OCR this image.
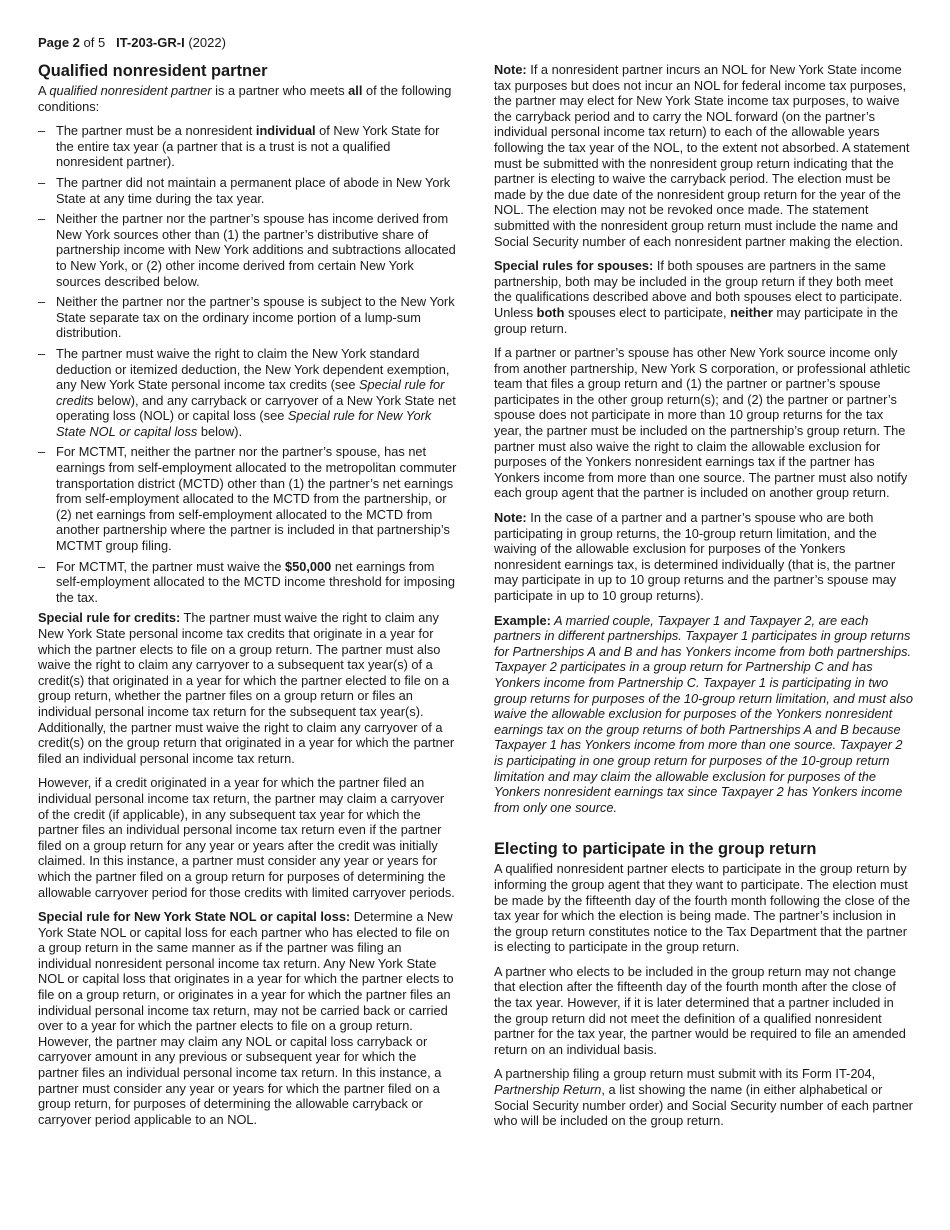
Page 2 of 5 IT-203-GR-I (2022)
Qualified nonresident partner

A qualified nonresident partner is a partner who meets all of the following conditions:

– The partner must be a nonresident individual of New York State for the entire tax year (a partner that is a trust is not a qualified nonresident partner).
– The partner did not maintain a permanent place of abode in New York State at any time during the tax year.
– Neither the partner nor the partner’s spouse has income derived from New York sources other than (1) the partner’s distributive share of partnership income with New York additions and subtractions allocated to New York, or (2) other income derived from certain New York sources described below.
– Neither the partner nor the partner’s spouse is subject to the New York State separate tax on the ordinary income portion of a lump-sum distribution.
– The partner must waive the right to claim the New York standard deduction or itemized deduction, the New York dependent exemption, any New York State personal income tax credits (see Special rule for credits below), and any carryback or carryover of a New York State net operating loss (NOL) or capital loss (see Special rule for New York State NOL or capital loss below).
– For MCTMT, neither the partner nor the partner’s spouse, has net earnings from self-employment allocated to the metropolitan commuter transportation district (MCTD) other than (1) the partner’s net earnings from self-employment allocated to the MCTD from the partnership, or (2) net earnings from self-employment allocated to the MCTD from another partnership where the partner is included in that partnership’s MCTMT group filing.
– For MCTMT, the partner must waive the $50,000 net earnings from self-employment allocated to the MCTD income threshold for imposing the tax.

Special rule for credits: The partner must waive the right to claim any New York State personal income tax credits that originate in a year for which the partner elects to file on a group return. The partner must also waive the right to claim any carryover to a subsequent tax year(s) of a credit(s) that originated in a year for which the partner elected to file on a group return, whether the partner files on a group return or files an individual personal income tax return for the subsequent tax year(s). Additionally, the partner must waive the right to claim any carryover of a credit(s) on the group return that originated in a year for which the partner filed an individual personal income tax return.

However, if a credit originated in a year for which the partner filed an individual personal income tax return, the partner may claim a carryover of the credit (if applicable), in any subsequent tax year for which the partner files an individual personal income tax return even if the partner filed on a group return for any year or years after the credit was initially claimed. In this instance, a partner must consider any year or years for which the partner filed on a group return for purposes of determining the allowable carryover period for those credits with limited carryover periods.

Special rule for New York State NOL or capital loss: Determine a New York State NOL or capital loss for each partner who has elected to file on a group return in the same manner as if the partner was filing an individual nonresident personal income tax return. Any New York State NOL or capital loss that originates in a year for which the partner elects to file on a group return, or originates in a year for which the partner files an individual personal income tax return, may not be carried back or carried over to a year for which the partner elects to file on a group return. However, the partner may claim any NOL or capital loss carryback or carryover amount in any previous or subsequent year for which the partner files an individual personal income tax return. In this instance, a partner must consider any year or years for which the partner filed on a group return, for purposes of determining the allowable carryback or carryover period applicable to an NOL.

Note: If a nonresident partner incurs an NOL for New York State income tax purposes but does not incur an NOL for federal income tax purposes, the partner may elect for New York State income tax purposes, to waive the carryback period and to carry the NOL forward (on the partner’s individual personal income tax return) to each of the allowable years following the tax year of the NOL, to the extent not absorbed. A statement must be submitted with the nonresident group return indicating that the partner is electing to waive the carryback period. The election must be made by the due date of the nonresident group return for the year of the NOL. The election may not be revoked once made. The statement submitted with the nonresident group return must include the name and Social Security number of each nonresident partner making the election.

Special rules for spouses: If both spouses are partners in the same partnership, both may be included in the group return if they both meet the qualifications described above and both spouses elect to participate. Unless both spouses elect to participate, neither may participate in the group return.

If a partner or partner’s spouse has other New York source income only from another partnership, New York S corporation, or professional athletic team that files a group return and (1) the partner or partner’s spouse participates in the other group return(s); and (2) the partner or partner’s spouse does not participate in more than 10 group returns for the tax year, the partner must be included on the partnership’s group return. The partner must also waive the right to claim the allowable exclusion for purposes of the Yonkers nonresident earnings tax if the partner has Yonkers income from more than one source. The partner must also notify each group agent that the partner is included on another group return.

Note: In the case of a partner and a partner’s spouse who are both participating in group returns, the 10-group return limitation, and the waiving of the allowable exclusion for purposes of the Yonkers nonresident earnings tax, is determined individually (that is, the partner may participate in up to 10 group returns and the partner’s spouse may participate in up to 10 group returns).

Example: A married couple, Taxpayer 1 and Taxpayer 2, are each partners in different partnerships. Taxpayer 1 participates in group returns for Partnerships A and B and has Yonkers income from both partnerships. Taxpayer 2 participates in a group return for Partnership C and has Yonkers income from Partnership C. Taxpayer 1 is participating in two group returns for purposes of the 10-group return limitation, and must also waive the allowable exclusion for purposes of the Yonkers nonresident earnings tax on the group returns of both Partnerships A and B because Taxpayer 1 has Yonkers income from more than one source. Taxpayer 2 is participating in one group return for purposes of the 10-group return limitation and may claim the allowable exclusion for purposes of the Yonkers nonresident earnings tax since Taxpayer 2 has Yonkers income from only one source.

Electing to participate in the group return

A qualified nonresident partner elects to participate in the group return by informing the group agent that they want to participate. The election must be made by the fifteenth day of the fourth month following the close of the tax year for which the election is being made. The partner’s inclusion in the group return constitutes notice to the Tax Department that the partner is electing to participate in the group return.

A partner who elects to be included in the group return may not change that election after the fifteenth day of the fourth month after the close of the tax year. However, if it is later determined that a partner included in the group return did not meet the definition of a qualified nonresident partner for the tax year, the partner would be required to file an amended return on an individual basis.

A partnership filing a group return must submit with its Form IT-204, Partnership Return, a list showing the name (in either alphabetical or Social Security number order) and Social Security number of each partner who will be included on the group return.
